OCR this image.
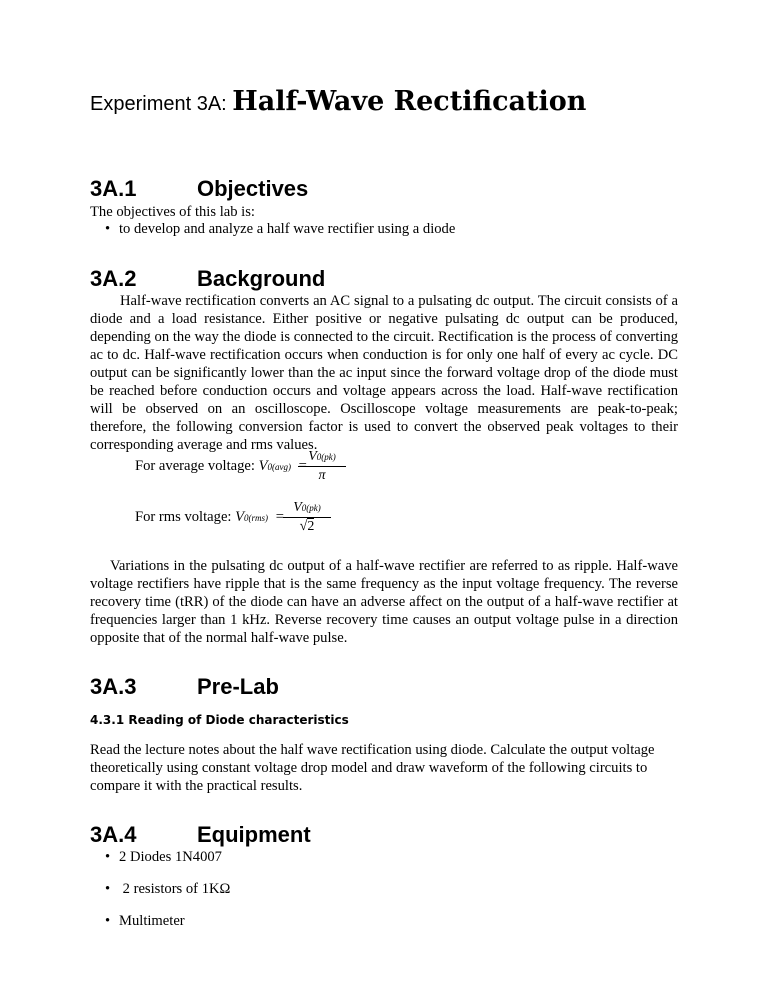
Experiment 3A: Half-Wave Rectification
3A.1	Objectives
The objectives of this lab is:
• to develop and analyze a half wave rectifier using a diode
3A.2	Background
Half-wave rectification converts an AC signal to a pulsating dc output. The circuit consists of a diode and a load resistance. Either positive or negative pulsating dc output can be produced, depending on the way the diode is connected to the circuit. Rectification is the process of converting ac to dc. Half-wave rectification occurs when conduction is for only one half of every ac cycle. DC output can be significantly lower than the ac input since the forward voltage drop of the diode must be reached before conduction occurs and voltage appears across the load. Half-wave rectification will be observed on an oscilloscope. Oscilloscope voltage measurements are peak-to-peak; therefore, the following conversion factor is used to convert the observed peak voltages to their corresponding average and rms values.
For average voltage: V0(avg) =
V0(pk)
π
For rms voltage: V0(rms) =
V0(pk)
√2
Variations in the pulsating dc output of a half-wave rectifier are referred to as ripple. Half-wave voltage rectifiers have ripple that is the same frequency as the input voltage frequency. The reverse recovery time (tRR) of the diode can have an adverse affect on the output of a half-wave rectifier at frequencies larger than 1 kHz. Reverse recovery time causes an output voltage pulse in a direction opposite that of the normal half-wave pulse.
3A.3	Pre-Lab
4.3.1 Reading of Diode characteristics
Read the lecture notes about the half wave rectification using diode. Calculate the output voltage
theoretically using constant voltage drop model and draw waveform of the following circuits to
compare it with the practical results.
3A.4	Equipment
• 2 Diodes 1N4007
• 2 resistors of 1KΩ
• Multimeter
